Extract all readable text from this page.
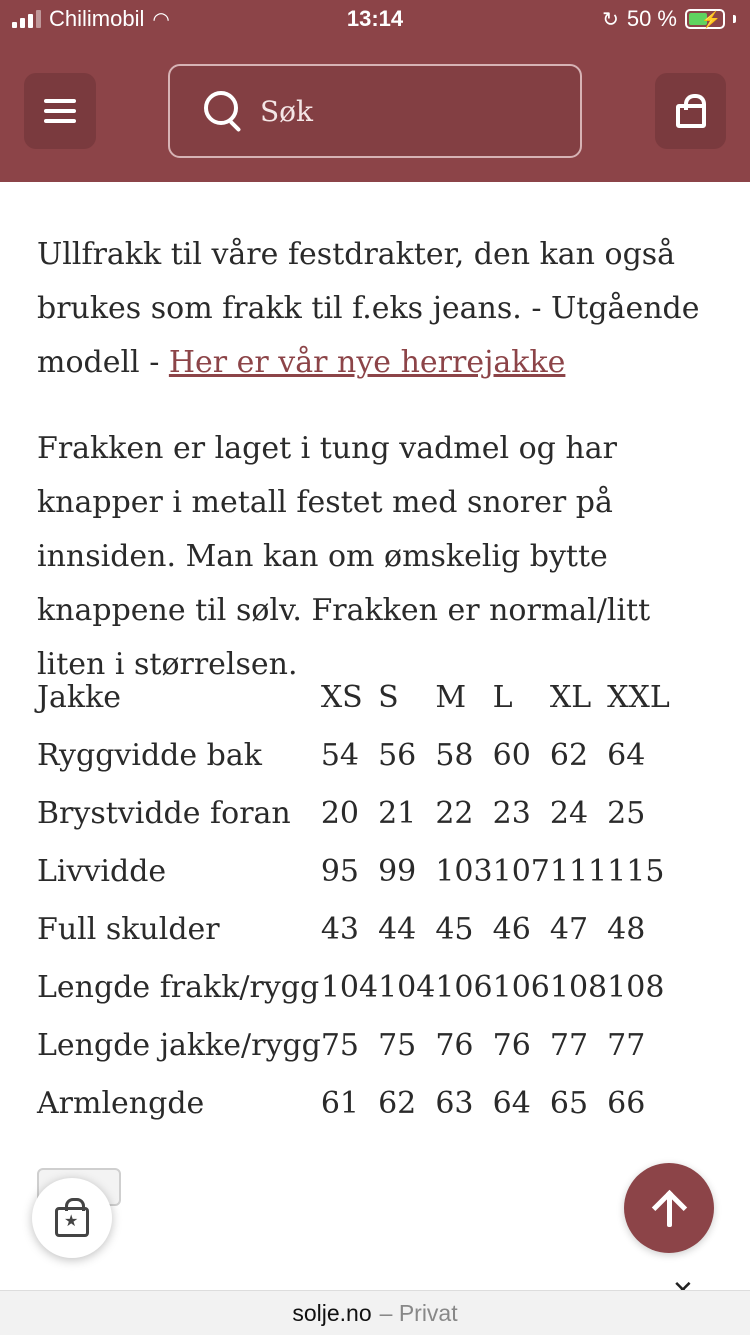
Chilimobil ◠	13:14	↻ 50 % ⚡
Søk

Ullfrakk til våre festdrakter, den kan også brukes som frakk til f.eks jeans. - Utgående modell - Her er vår nye herrejakke

Frakken er laget i tung vadmel og har knapper i metall festet med snorer på innsiden. Man kan om ømskelig bytte knappene til sølv. Frakken er normal/litt liten i størrelsen.

Jakke	XS	S	M	L	XL	XXL
Ryggvidde bak	54	56	58	60	62	64
Brystvidde foran	20	21	22	23	24	25
Livvidde	95	99	103	107	111	115
Full skulder	43	44	45	46	47	48
Lengde frakk/rygg	104	104	106	106	108	108
Lengde jakke/rygg	75	75	76	76	77	77
Armlengde	61	62	63	64	65	66
★

solje.no – Privat
